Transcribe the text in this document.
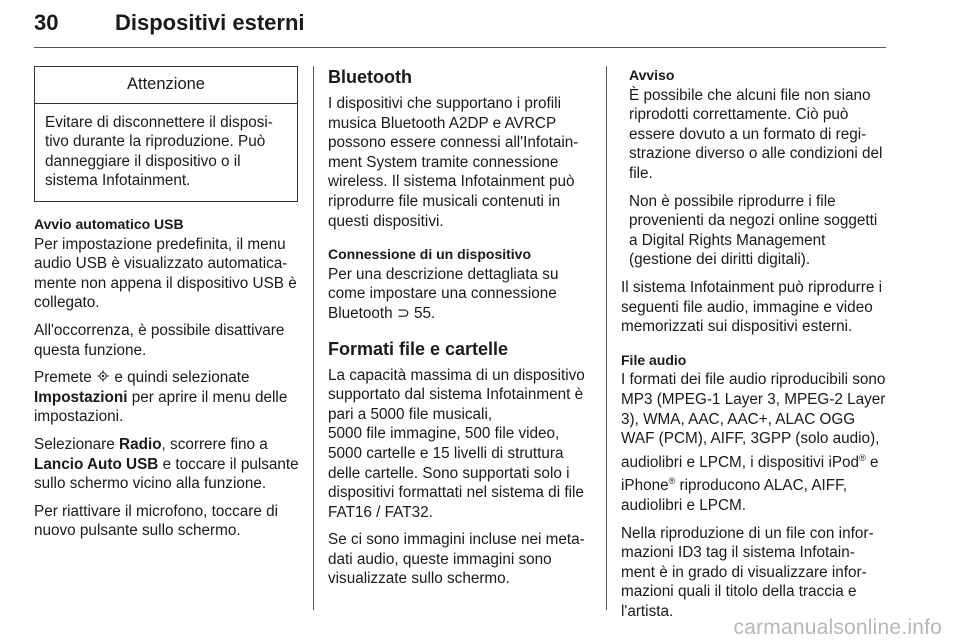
30	Dispositivi esterni
Attenzione
Evitare di disconnettere il disposi- tivo durante la riproduzione. Può danneggiare il dispositivo o il sistema Infotainment.
Avvio automatico USB

Per impostazione predefinita, il menu audio USB è visualizzato automatica- mente non appena il dispositivo USB è collegato.

All'occorrenza, è possibile disattivare questa funzione.

Premete e quindi selezionate Impostazioni per aprire il menu delle impostazioni.

Selezionare Radio, scorrere fino a Lancio Auto USB e toccare il pulsante sullo schermo vicino alla funzione.

Per riattivare il microfono, toccare di nuovo pulsante sullo schermo.

Bluetooth

I dispositivi che supportano i profili musica Bluetooth A2DP e AVRCP possono essere connessi all'Infotain- ment System tramite connessione wireless. Il sistema Infotainment può riprodurre file musicali contenuti in questi dispositivi.

Connessione di un dispositivo

Per una descrizione dettagliata su come impostare una connessione Bluetooth ⊃ 55.

Formati file e cartelle
La capacità massima di un dispositivo supportato dal sistema Infotainment è pari a 5000 file musicali,

5000 file immagine, 500 file video, 5000 cartelle e 15 livelli di struttura delle cartelle. Sono supportati solo i dispositivi formattati nel sistema di file FAT16 / FAT32.

Se ci sono immagini incluse nei meta- dati audio, queste immagini sono visualizzate sullo schermo.

Avviso

È possibile che alcuni file non siano riprodotti correttamente. Ciò può essere dovuto a un formato di regi- strazione diverso o alle condizioni del file.

Non è possibile riprodurre i file provenienti da negozi online soggetti a Digital Rights Management (gestione dei diritti digitali).

Il sistema Infotainment può riprodurre i seguenti file audio, immagine e video memorizzati sui dispositivi esterni.

File audio

I formati dei file audio riproducibili sono MP3 (MPEG-1 Layer 3, MPEG-2 Layer 3), WMA, AAC, AAC+, ALAC OGG WAF (PCM), AIFF, 3GPP (solo audio), audiolibri e LPCM, i dispositivi iPod® e iPhone® riproducono ALAC, AIFF, audiolibri e LPCM.

Nella riproduzione di un file con infor- mazioni ID3 tag il sistema Infotain- ment è in grado di visualizzare infor- mazioni quali il titolo della traccia e l'artista.

carmanualsonline.info
